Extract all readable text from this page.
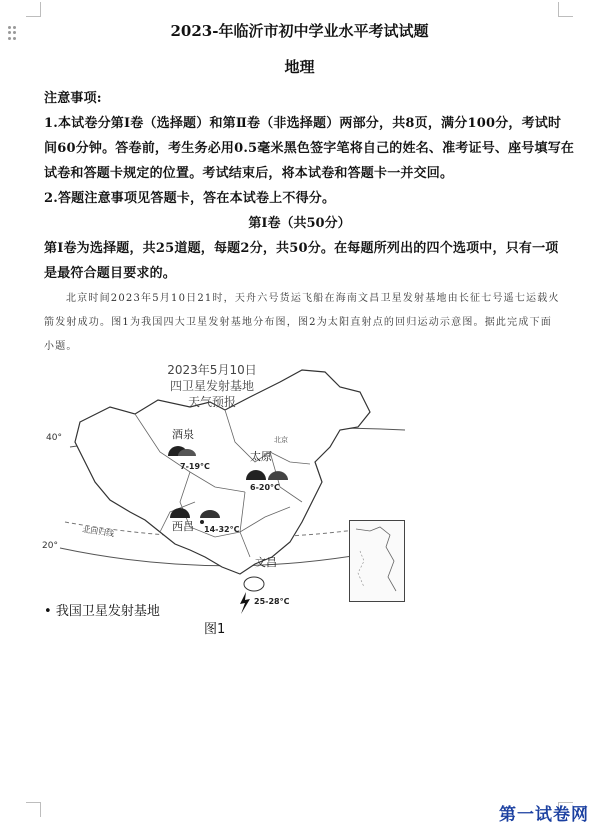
2023-年临沂市初中学业水平考试试题
地理
注意事项:
1.本试卷分第Ⅰ卷（选择题）和第Ⅱ卷（非选择题）两部分，共8页，满分100分，考试时
间60分钟。答卷前，考生务必用0.5毫米黑色签字笔将自己的姓名、准考证号、座号填写在
试卷和答题卡规定的位置。考试结束后，将本试卷和答题卡一并交回。
2.答题注意事项见答题卡，答在本试卷上不得分。
第Ⅰ卷（共50分）
第Ⅰ卷为选择题，共25道题，每题2分，共50分。在每题所列出的四个选项中，只有一项
是最符合题目要求的。
北京时间2023年5月10日21时，天舟六号货运飞船在海南文昌卫星发射基地由长征七号遥七运载火
箭发射成功。图1为我国四大卫星发射基地分布图，图2为太阳直射点的回归运动示意图。据此完成下面
小题。
2023年5月10日
四卫星发射基地
天气预报
40°
20°
北回归线
北京
酒泉
7-19°C
太原
6-20°C
西昌 14-32°C
文昌
25-28°C
• 我国卫星发射基地
图1
第一试卷网
